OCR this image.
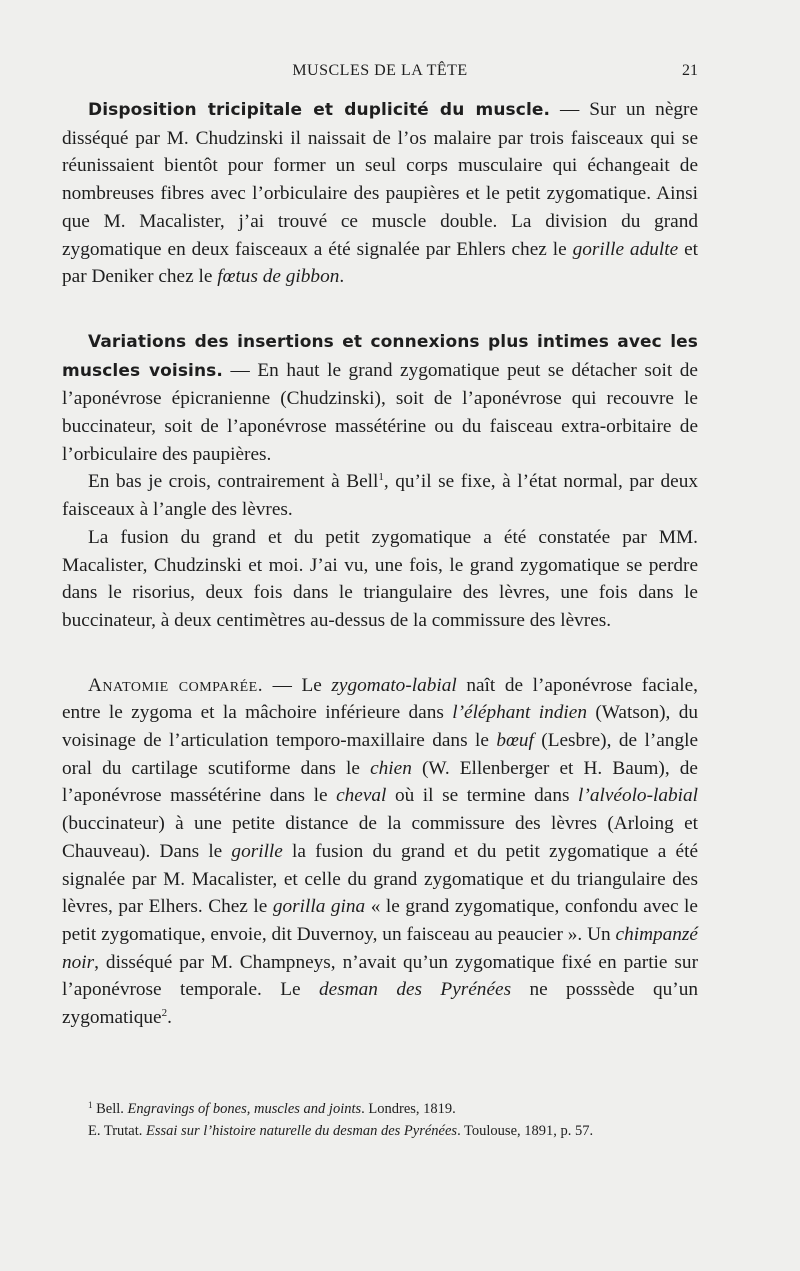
MUSCLES DE LA TÊTE	21

Disposition tricipitale et duplicité du muscle. — Sur un nègre disséqué par M. Chudzinski il naissait de l’os malaire par trois faisceaux qui se réunissaient bientôt pour former un seul corps musculaire qui échangeait de nombreuses fibres avec l’orbiculaire des paupières et le petit zygomatique. Ainsi que M. Macalister, j’ai trouvé ce muscle double. La division du grand zygomatique en deux faisceaux a été signalée par Ehlers chez le gorille adulte et par Deniker chez le fœtus de gibbon.

Variations des insertions et connexions plus intimes avec les muscles voisins. — En haut le grand zygomatique peut se détacher soit de l’aponévrose épicranienne (Chudzinski), soit de l’aponévrose qui recouvre le buccinateur, soit de l’aponévrose massétérine ou du faisceau extra-orbitaire de l’orbiculaire des paupières.

En bas je crois, contrairement à Bell$^1$, qu’il se fixe, à l’état normal, par deux faisceaux à l’angle des lèvres.

La fusion du grand et du petit zygomatique a été constatée par MM. Macalister, Chudzinski et moi. J’ai vu, une fois, le grand zygomatique se perdre dans le risorius, deux fois dans le triangulaire des lèvres, une fois dans le buccinateur, à deux centimètres au-dessus de la commissure des lèvres.

Anatomie comparée. — Le zygomato-labial naît de l’aponévrose faciale, entre le zygoma et la mâchoire inférieure dans l’éléphant indien (Watson), du voisinage de l’articulation temporo-maxillaire dans le bœuf (Lesbre), de l’angle oral du cartilage scutiforme dans le chien (W. Ellenberger et H. Baum), de l’aponévrose massétérine dans le cheval où il se termine dans l’alvéolo-labial (buccinateur) à une petite distance de la commissure des lèvres (Arloing et Chauveau). Dans le gorille la fusion du grand et du petit zygomatique a été signalée par M. Macalister, et celle du grand zygomatique et du triangulaire des lèvres, par Elhers. Chez le gorilla gina « le grand zygomatique, confondu avec le petit zygomatique, envoie, dit Duvernoy, un faisceau au peaucier ». Un chimpanzé noir, disséqué par M. Champneys, n’avait qu’un zygomatique fixé en partie sur l’aponévrose temporale. Le desman des Pyrénées ne posssède qu’un zygomatique$^2$.

$^1$ Bell. Engravings of bones, muscles and joints. Londres, 1819.

E. Trutat. Essai sur l’histoire naturelle du desman des Pyrénées. Toulouse, 1891, p. 57.
